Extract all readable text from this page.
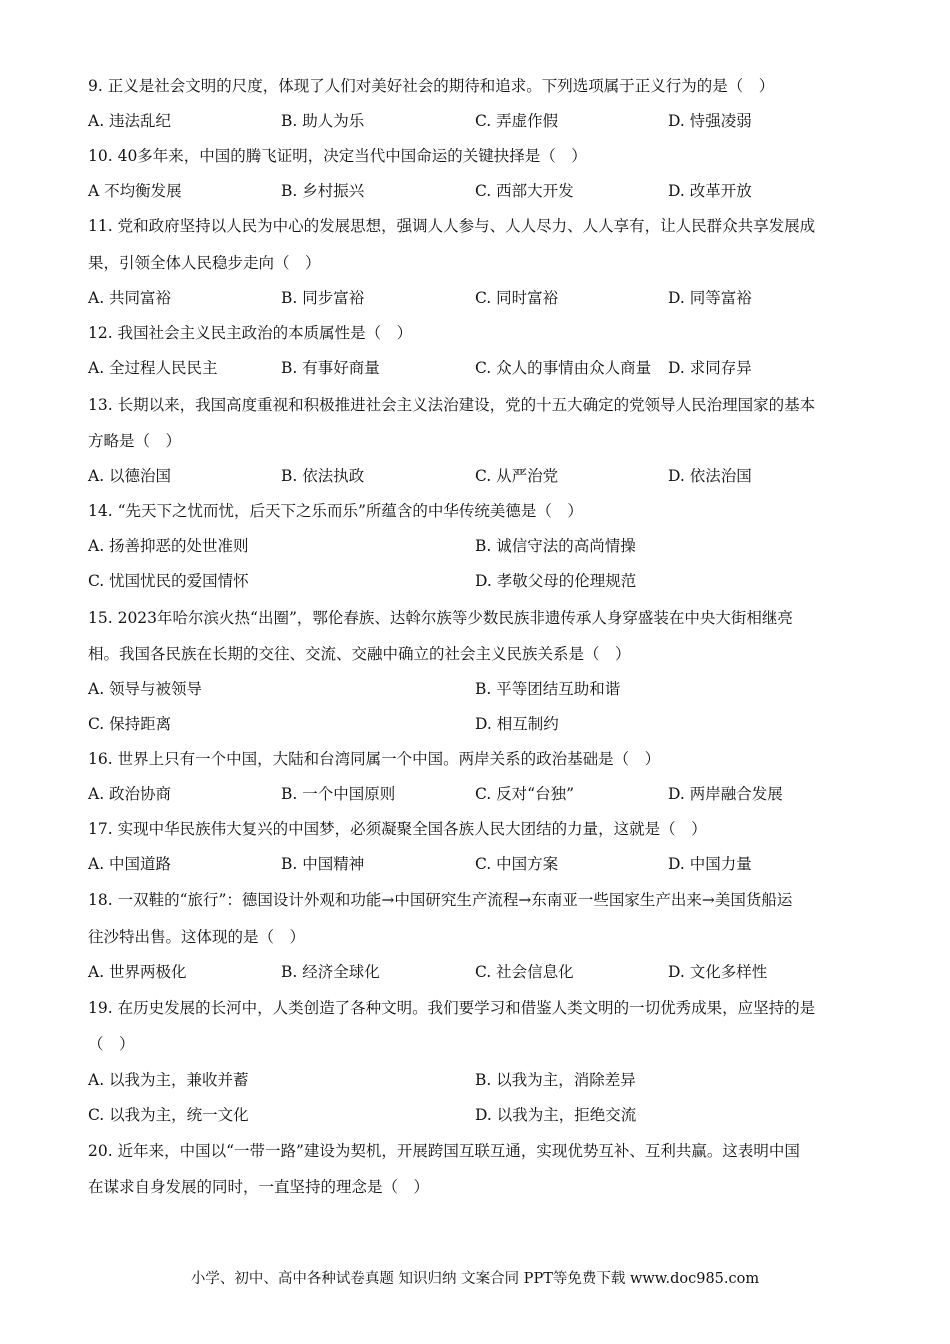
9. 正义是社会文明的尺度，体现了人们对美好社会的期待和追求。下列选项属于正义行为的是（　）
A. 违法乱纪	B. 助人为乐	C. 弄虚作假	D. 恃强凌弱
10. 40多年来，中国的腾飞证明，决定当代中国命运的关键抉择是（　）
A 不均衡发展	B. 乡村振兴	C. 西部大开发	D. 改革开放
11. 党和政府坚持以人民为中心的发展思想，强调人人参与、人人尽力、人人享有，让人民群众共享发展成
果，引领全体人民稳步走向（　）
A. 共同富裕	B. 同步富裕	C. 同时富裕	D. 同等富裕
12. 我国社会主义民主政治的本质属性是（　）
A. 全过程人民民主	B. 有事好商量	C. 众人的事情由众人商量 D. 求同存异
13. 长期以来，我国高度重视和积极推进社会主义法治建设，党的十五大确定的党领导人民治理国家的基本
方略是（　）
A. 以德治国	B. 依法执政	C. 从严治党	D. 依法治国
14. “先天下之忧而忧，后天下之乐而乐”所蕴含的中华传统美德是（　）
A. 扬善抑恶的处世准则	B. 诚信守法的高尚情操
C. 忧国忧民的爱国情怀	D. 孝敬父母的伦理规范
15. 2023年哈尔滨火热“出圈”，鄂伦春族、达斡尔族等少数民族非遗传承人身穿盛装在中央大街相继亮
相。我国各民族在长期的交往、交流、交融中确立的社会主义民族关系是（　）
A. 领导与被领导	B. 平等团结互助和谐
C. 保持距离	D. 相互制约
16. 世界上只有一个中国，大陆和台湾同属一个中国。两岸关系的政治基础是（　）
A. 政治协商	B. 一个中国原则	C. 反对“台独”	D. 两岸融合发展
17. 实现中华民族伟大复兴的中国梦，必须凝聚全国各族人民大团结的力量，这就是（　）
A. 中国道路	B. 中国精神	C. 中国方案	D. 中国力量
18. 一双鞋的“旅行”：德国设计外观和功能→中国研究生产流程→东南亚一些国家生产出来→美国货船运
往沙特出售。这体现的是（　）
A. 世界两极化	B. 经济全球化	C. 社会信息化	D. 文化多样性
19. 在历史发展的长河中，人类创造了各种文明。我们要学习和借鉴人类文明的一切优秀成果，应坚持的是
（　）
A. 以我为主，兼收并蓄	B. 以我为主，消除差异
C. 以我为主，统一文化	D. 以我为主，拒绝交流
20. 近年来，中国以“一带一路”建设为契机，开展跨国互联互通，实现优势互补、互利共赢。这表明中国
在谋求自身发展的同时，一直坚持的理念是（　）
小学、初中、高中各种试卷真题 知识归纳 文案合同 PPT等免费下载 www.doc985.com
